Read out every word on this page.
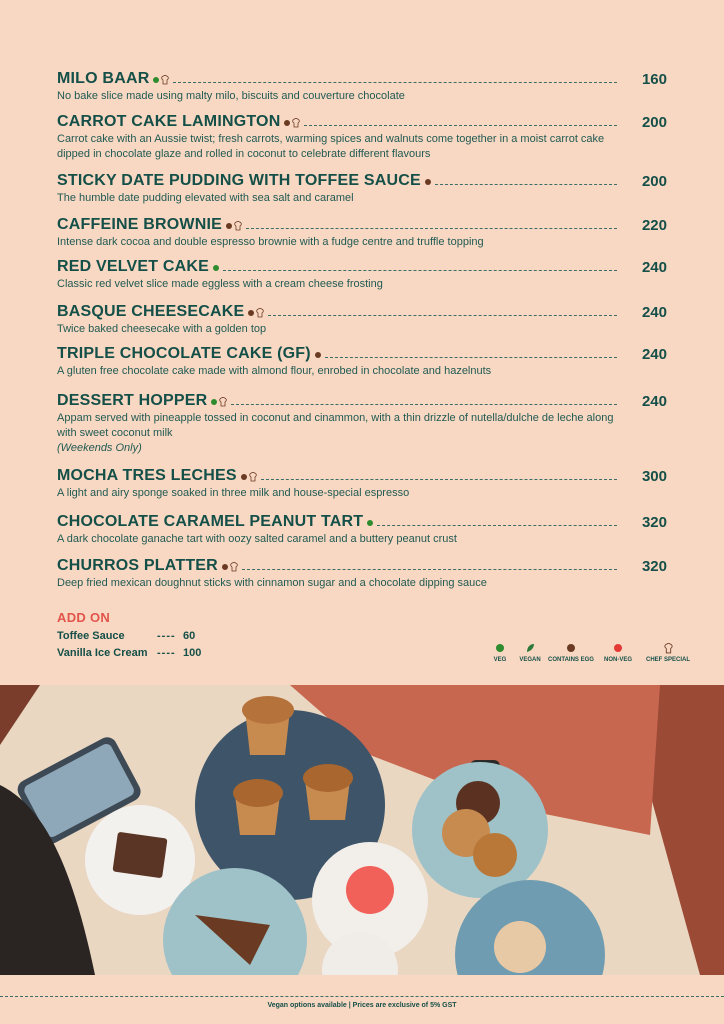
MILO BAAR	160
No bake slice made using malty milo, biscuits and couverture chocolate
CARROT CAKE LAMINGTON	200
Carrot cake with an Aussie twist; fresh carrots, warming spices and walnuts come together in a moist carrot cake dipped in chocolate glaze and rolled in coconut to celebrate different flavours
STICKY DATE PUDDING WITH TOFFEE SAUCE	200
The humble date pudding elevated with sea salt and caramel
CAFFEINE BROWNIE	220
Intense dark cocoa and double espresso brownie with a fudge centre and truffle topping
RED VELVET CAKE	240
Classic red velvet slice made eggless with a cream cheese frosting
BASQUE CHEESECAKE	240
Twice baked cheesecake with a golden top
TRIPLE CHOCOLATE CAKE (GF)	240
A gluten free chocolate cake made with almond flour, enrobed in chocolate and hazelnuts
DESSERT HOPPER	240
Appam served with pineapple tossed in coconut and cinammon, with a thin drizzle of nutella/dulche de leche along with sweet coconut milk
(Weekends Only)
MOCHA TRES LECHES	300
A light and airy sponge soaked in three milk and house-special espresso
CHOCOLATE CARAMEL PEANUT TART	320
A dark chocolate ganache tart with oozy salted caramel and a buttery peanut crust
CHURROS PLATTER	320
Deep fried mexican doughnut sticks with cinnamon sugar and a chocolate dipping sauce
ADD ON
Toffee Sauce	---- 60
Vanilla Ice Cream ---- 100
VEG VEGAN CONTAINS EGG NON-VEG CHEF SPECIAL
Vegan options available | Prices are exclusive of 5% GST
